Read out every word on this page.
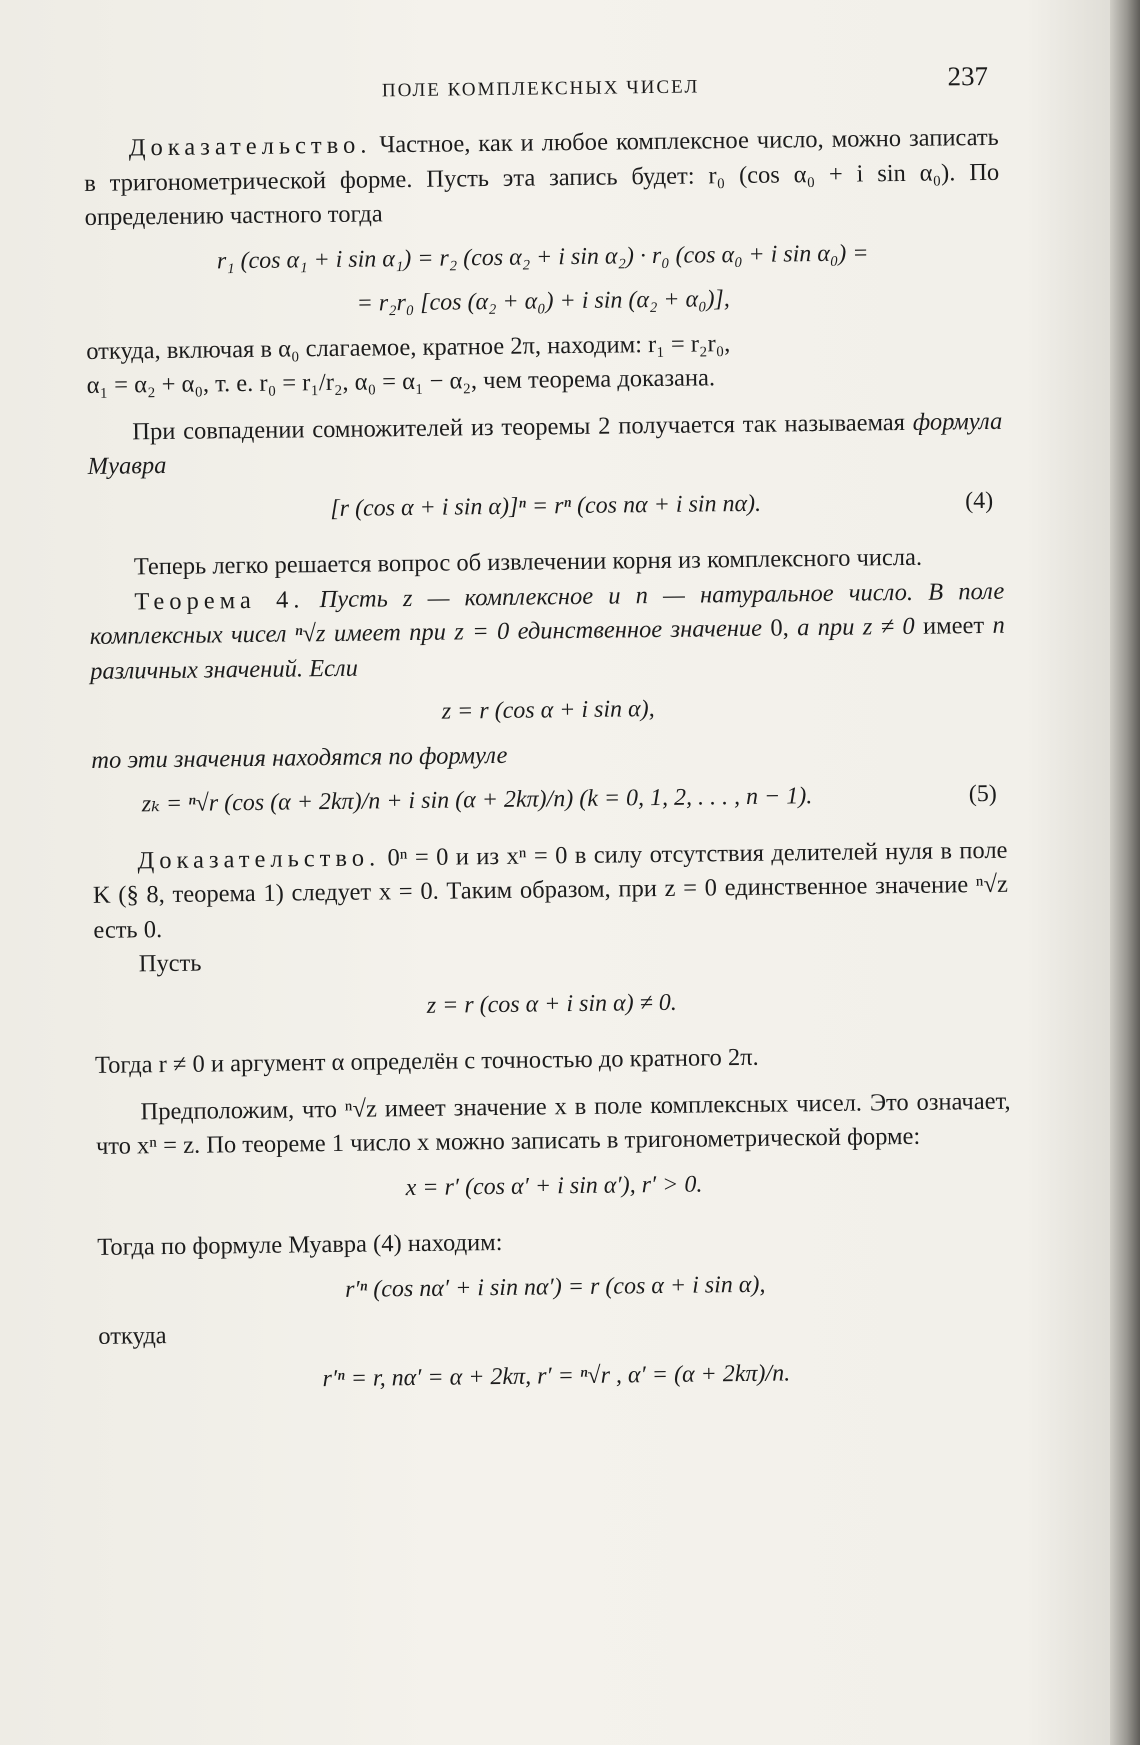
ПОЛЕ КОМПЛЕКСНЫХ ЧИСЕЛ	237

Доказательство. Частное, как и любое комплексное число, можно записать в тригонометрической форме. Пусть эта запись будет: r₀ (cos α₀ + i sin α₀). По определению частного тогда

r₁ (cos α₁ + i sin α₁) = r₂ (cos α₂ + i sin α₂) · r₀ (cos α₀ + i sin α₀) =
= r₂r₀ [cos (α₂ + α₀) + i sin (α₂ + α₀)],

откуда, включая в α₀ слагаемое, кратное 2π, находим: r₁ = r₂r₀,

α₁ = α₂ + α₀, т. е. r₀ = r₁/r₂, α₀ = α₁ − α₂, чем теорема доказана.

При совпадении сомножителей из теоремы 2 получается так называемая формула Муавра

[r (cos α + i sin α)]ⁿ = rⁿ (cos nα + i sin nα).	(4)

Теперь легко решается вопрос об извлечении корня из комплексного числа.

Теорема 4. Пусть z — комплексное и n — натуральное число. В поле комплексных чисел ⁿ√z имеет при z = 0 единственное значение 0, а при z ≠ 0 имеет n различных значений. Если

z = r (cos α + i sin α),

то эти значения находятся по формуле

zₖ = ⁿ√r (cos (α + 2kπ)/n + i sin (α + 2kπ)/n) (k = 0, 1, 2, . . . , n − 1).	(5)

Доказательство. 0ⁿ = 0 и из xⁿ = 0 в силу отсутствия делителей нуля в поле K (§ 8, теорема 1) следует x = 0. Таким образом, при z = 0 единственное значение ⁿ√z есть 0.

Пусть

z = r (cos α + i sin α) ≠ 0.

Тогда r ≠ 0 и аргумент α определён с точностью до кратного 2π.

Предположим, что ⁿ√z имеет значение x в поле комплексных чисел. Это означает, что xⁿ = z. По теореме 1 число x можно записать в тригонометрической форме:

x = r′ (cos α′ + i sin α′), r′ > 0.

Тогда по формуле Муавра (4) находим:

r′ⁿ (cos nα′ + i sin nα′) = r (cos α + i sin α),

откуда

r′ⁿ = r, nα′ = α + 2kπ, r′ = ⁿ√r , α′ = (α + 2kπ)/n.
